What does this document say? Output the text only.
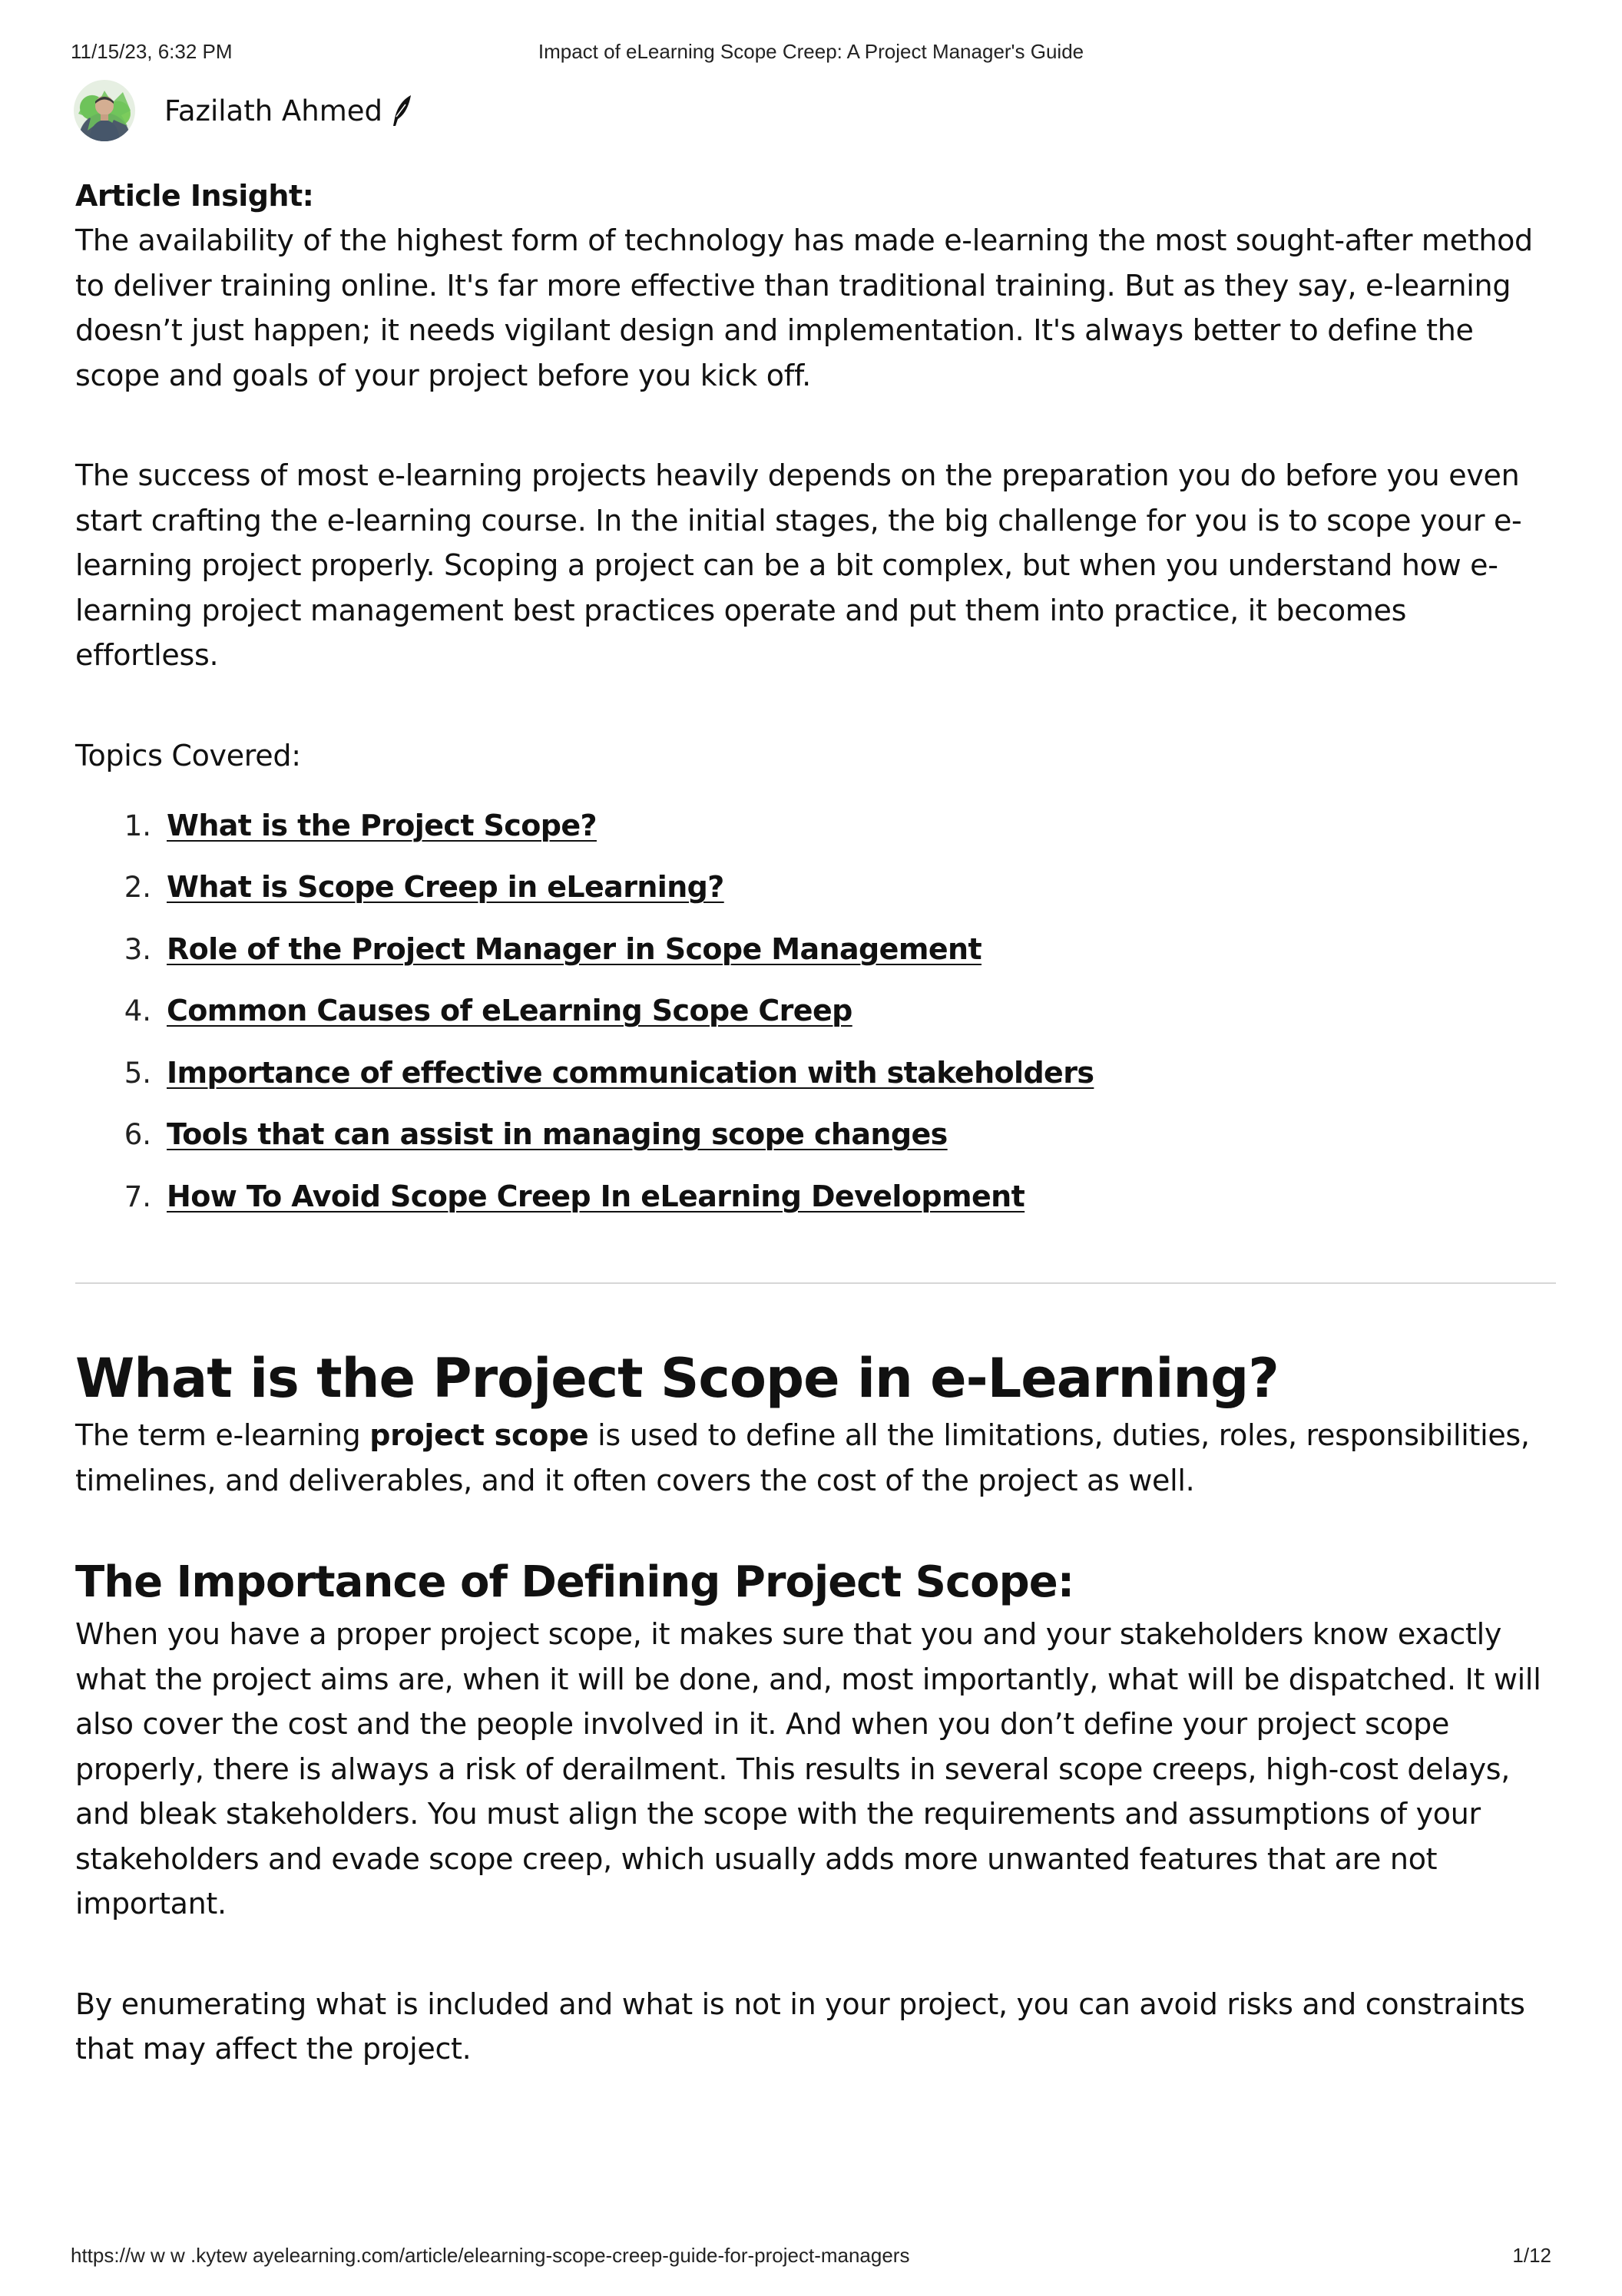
11/15/23, 6:32 PM	Impact of eLearning Scope Creep: A Project Manager's Guide
Fazilath Ahmed

Article Insight:

The availability of the highest form of technology has made e-learning the most sought-after method to deliver training online. It's far more effective than traditional training. But as they say, e-learning doesn’t just happen; it needs vigilant design and implementation. It's always better to define the scope and goals of your project before you kick off.

The success of most e-learning projects heavily depends on the preparation you do before you even start crafting the e-learning course. In the initial stages, the big challenge for you is to scope your e-learning project properly. Scoping a project can be a bit complex, but when you understand how e-learning project management best practices operate and put them into practice, it becomes effortless.

Topics Covered:

1. What is the Project Scope?
2. What is Scope Creep in eLearning?
3. Role of the Project Manager in Scope Management
4. Common Causes of eLearning Scope Creep
5. Importance of effective communication with stakeholders
6. Tools that can assist in managing scope changes
7. How To Avoid Scope Creep In eLearning Development
What is the Project Scope in e-Learning?

The term e-learning project scope is used to define all the limitations, duties, roles, responsibilities, timelines, and deliverables, and it often covers the cost of the project as well.

The Importance of Defining Project Scope:

When you have a proper project scope, it makes sure that you and your stakeholders know exactly what the project aims are, when it will be done, and, most importantly, what will be dispatched. It will also cover the cost and the people involved in it. And when you don’t define your project scope properly, there is always a risk of derailment. This results in several scope creeps, high-cost delays, and bleak stakeholders. You must align the scope with the requirements and assumptions of your stakeholders and evade scope creep, which usually adds more unwanted features that are not important.

By enumerating what is included and what is not in your project, you can avoid risks and constraints that may affect the project.

https://w w w .kytew ayelearning.com/article/elearning-scope-creep-guide-for-project-managers	1/12
